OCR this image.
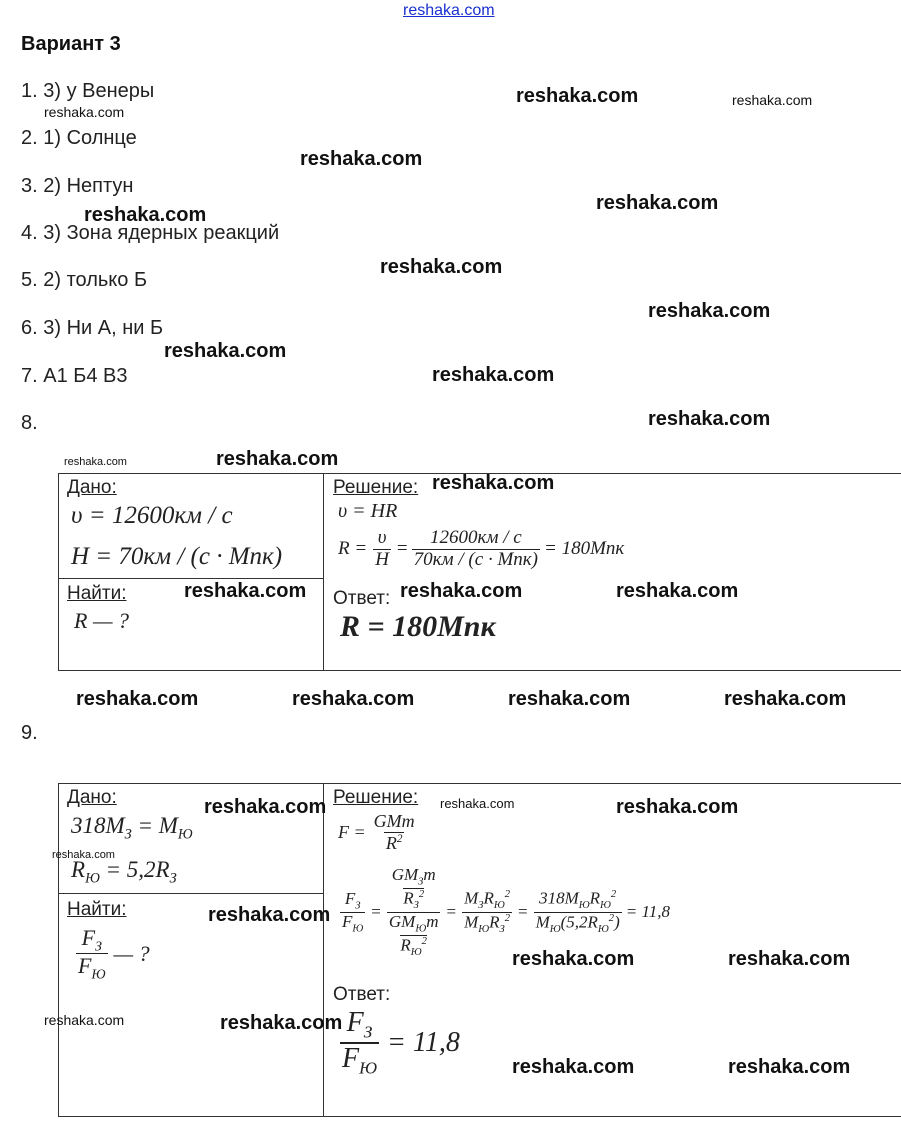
reshaka.com
Вариант 3
1. 3) у Венеры
2. 1) Солнце
3. 2) Нептун
4. 3) Зона ядерных реакций
5. 2) только Б
6. 3) Ни А, ни Б
7. А1 Б4 В3
8.
9.
reshaka.com	reshaka.com
reshaka.com
reshaka.com
reshaka.com
reshaka.com
reshaka.com
reshaka.com
reshaka.com
reshaka.com
reshaka.com
reshaka.com	reshaka.com
Дано:
υ = 12600км / с
H = 70км / (с · Мпк)
Найти:
R — ?
reshaka.com
Решение: reshaka.com
υ = HR
$R = \frac{\upsilon}{H} = \frac{12600км / с}{\text{70км / (с · Мпк)}} = 180Мпк$
Ответ: reshaka.com	reshaka.com
R = 180Мпк
reshaka.com	reshaka.com	reshaka.com	reshaka.com
Дано:	reshaka.com
$318M_З = M_Ю$
reshaka.com
$R_Ю = 5,2R_З$
Найти:	reshaka.com
$\frac{F_З}{F_Ю}$ — ?
Решение: reshaka.com	reshaka.com
$F = \frac{\text{GMm}}{R^2}$
$\frac{F_З}{F_Ю} = GM_Зm$
$R_З^2$
$GM_Юm$
$R_Ю^2 = \frac{M_ЗR_Ю^2}{M_ЮR_З^2} = \frac{318M_ЮR_Ю^2}{M_Ю(5,2R_Ю^2)} = 11,8$
reshaka.com	reshaka.com
Ответ:
reshaka.com	reshaka.com
$\frac{F_З}{F_Ю} = 11,8$
reshaka.com	reshaka.com
